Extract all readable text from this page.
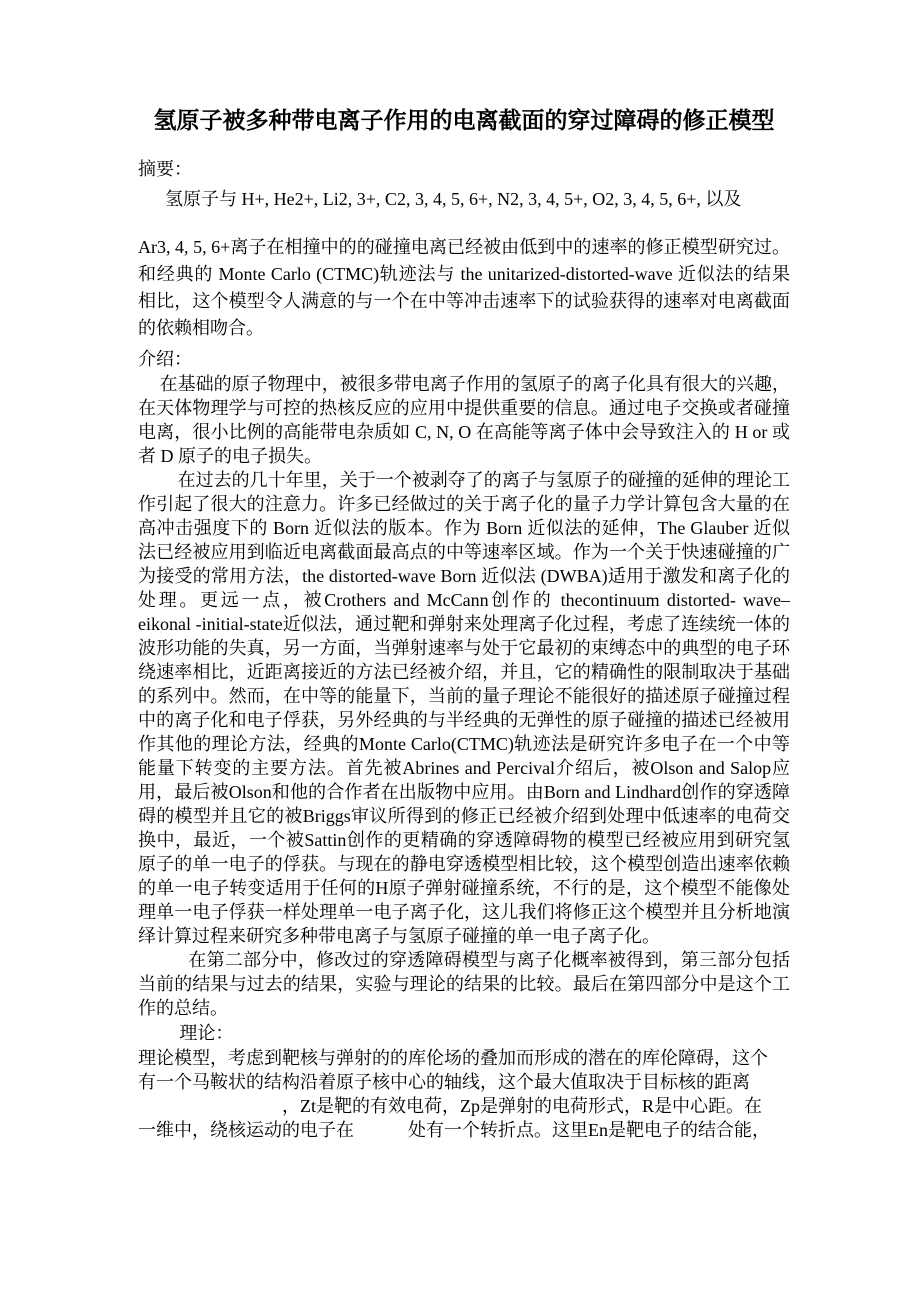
氢原子被多种带电离子作用的电离截面的穿过障碍的修正模型

摘要：

氢原子与 H+, He2+, Li2, 3+, C2, 3, 4, 5, 6+, N2, 3, 4, 5+, O2, 3, 4, 5, 6+, 以及

Ar3, 4, 5, 6+离子在相撞中的的碰撞电离已经被由低到中的速率的修正模型研究过。和经典的 Monte Carlo (CTMC)轨迹法与 the unitarized-distorted-wave 近似法的结果相比，这个模型令人满意的与一个在中等冲击速率下的试验获得的速率对电离截面的依赖相吻合。

介绍：

在基础的原子物理中，被很多带电离子作用的氢原子的离子化具有很大的兴趣，在天体物理学与可控的热核反应的应用中提供重要的信息。通过电子交换或者碰撞电离，很小比例的高能带电杂质如 C, N, O 在高能等离子体中会导致注入的 H or 或者 D 原子的电子损失。

在过去的几十年里，关于一个被剥夺了的离子与氢原子的碰撞的延伸的理论工作引起了很大的注意力。许多已经做过的关于离子化的量子力学计算包含大量的在高冲击强度下的 Born 近似法的版本。作为 Born 近似法的延伸，The Glauber 近似法已经被应用到临近电离截面最高点的中等速率区域。作为一个关于快速碰撞的广为接受的常用方法，the distorted-wave Born 近似法 (DWBA)适用于激发和离子化的处理。更远一点，被Crothers and McCann创作的 thecontinuum distorted- wave–eikonal -initial-state近似法，通过靶和弹射来处理离子化过程，考虑了连续统一体的波形功能的失真，另一方面，当弹射速率与处于它最初的束缚态中的典型的电子环绕速率相比，近距离接近的方法已经被介绍，并且，它的精确性的限制取决于基础的系列中。然而，在中等的能量下，当前的量子理论不能很好的描述原子碰撞过程中的离子化和电子俘获，另外经典的与半经典的无弹性的原子碰撞的描述已经被用作其他的理论方法，经典的Monte Carlo(CTMC)轨迹法是研究许多电子在一个中等能量下转变的主要方法。首先被Abrines and Percival介绍后，被Olson and Salop应用，最后被Olson和他的合作者在出版物中应用。由Born and Lindhard创作的穿透障碍的模型并且它的被Briggs审议所得到的修正已经被介绍到处理中低速率的电荷交换中，最近，一个被Sattin创作的更精确的穿透障碍物的模型已经被应用到研究氢原子的单一电子的俘获。与现在的静电穿透模型相比较，这个模型创造出速率依赖的单一电子转变适用于任何的H原子弹射碰撞系统，不行的是，这个模型不能像处理单一电子俘获一样处理单一电子离子化，这儿我们将修正这个模型并且分析地演绎计算过程来研究多种带电离子与氢原子碰撞的单一电子离子化。

在第二部分中，修改过的穿透障碍模型与离子化概率被得到，第三部分包括当前的结果与过去的结果，实验与理论的结果的比较。最后在第四部分中是这个工作的总结。

理论：

理论模型，考虑到靶核与弹射的的库伦场的叠加而形成的潜在的库伦障碍，这个
有一个马鞍状的结构沿着原子核中心的轴线，这个最大值取决于目标核的距离
　　　　　　　　，Zt是靶的有效电荷，Zp是弹射的电荷形式，R是中心距。在
一维中，绕核运动的电子在　　　处有一个转折点。这里En是靶电子的结合能，
